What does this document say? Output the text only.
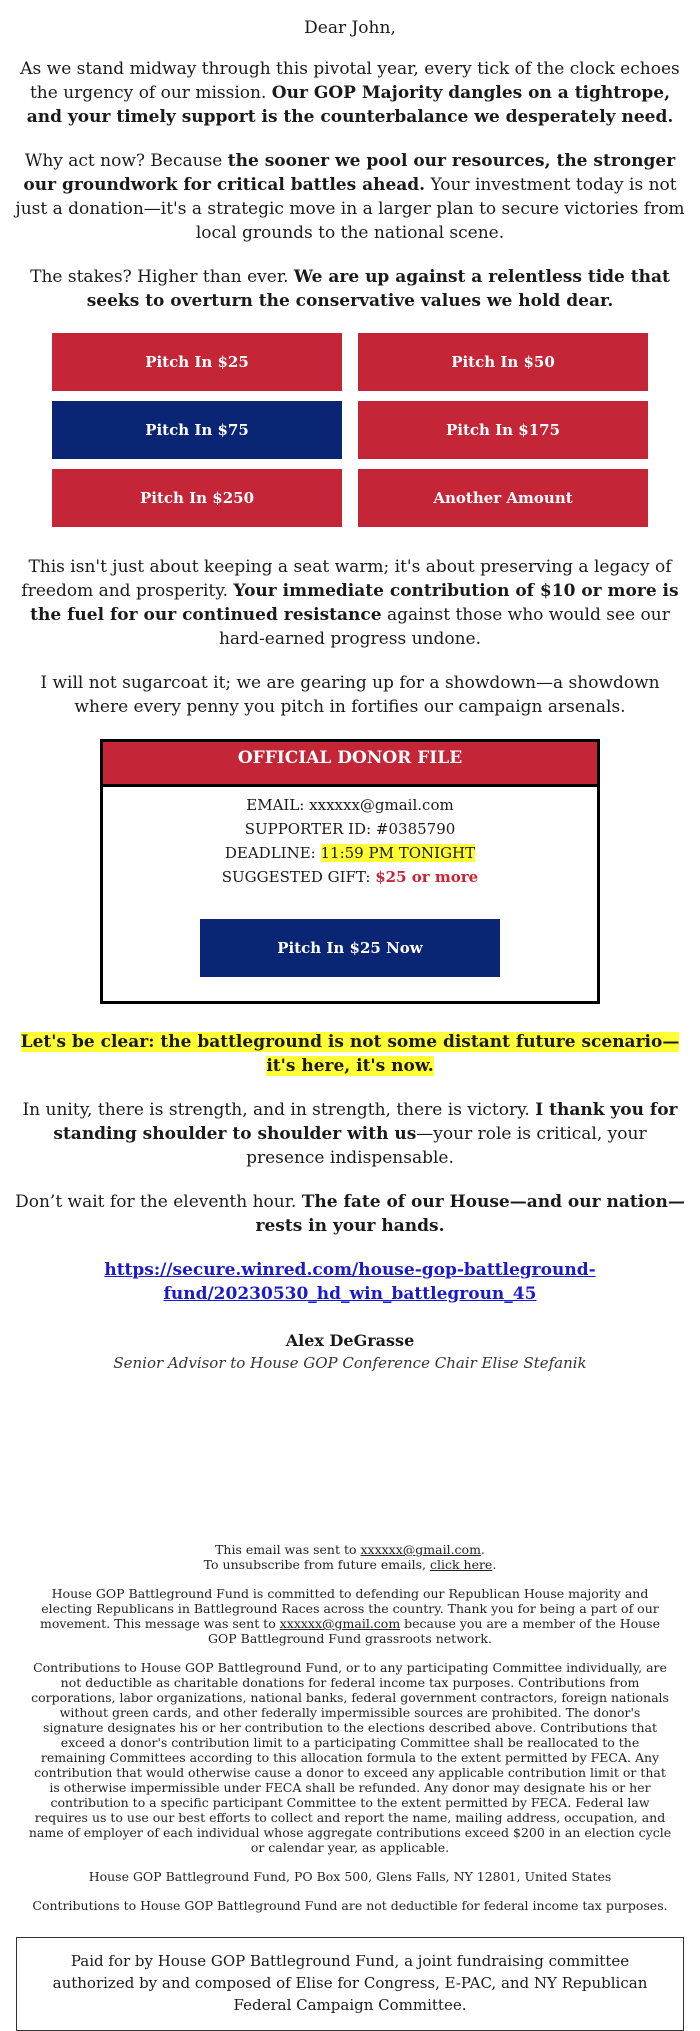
Dear John,

As we stand midway through this pivotal year, every tick of the clock echoes the urgency of our mission. Our GOP Majority dangles on a tightrope, and your timely support is the counterbalance we desperately need.

Why act now? Because the sooner we pool our resources, the stronger our groundwork for critical battles ahead. Your investment today is not just a donation—it's a strategic move in a larger plan to secure victories from local grounds to the national scene.

The stakes? Higher than ever. We are up against a relentless tide that seeks to overturn the conservative values we hold dear.

Pitch In $25	Pitch In $50
Pitch In $75	Pitch In $175
Pitch In $250	Another Amount

This isn't just about keeping a seat warm; it's about preserving a legacy of freedom and prosperity. Your immediate contribution of $10 or more is the fuel for our continued resistance against those who would see our hard-earned progress undone.

I will not sugarcoat it; we are gearing up for a showdown—a showdown where every penny you pitch in fortifies our campaign arsenals.

OFFICIAL DONOR FILE
EMAIL: xxxxxx@gmail.com
SUPPORTER ID: #0385790
DEADLINE: 11:59 PM TONIGHT
SUGGESTED GIFT: $25 or more
Pitch In $25 Now

Let's be clear: the battleground is not some distant future scenario—it's here, it's now.

In unity, there is strength, and in strength, there is victory. I thank you for standing shoulder to shoulder with us—your role is critical, your presence indispensable.

Don’t wait for the eleventh hour. The fate of our House—and our nation—rests in your hands.

https://secure.winred.com/house-gop-battleground-fund/20230530_hd_win_battlegroun_45
Alex DeGrasse
Senior Advisor to House GOP Conference Chair Elise Stefanik
This email was sent to xxxxxx@gmail.com.
To unsubscribe from future emails, click here.
House GOP Battleground Fund is committed to defending our Republican House majority and electing Republicans in Battleground Races across the country. Thank you for being a part of our movement. This message was sent to xxxxxx@gmail.com because you are a member of the House GOP Battleground Fund grassroots network.
Contributions to House GOP Battleground Fund, or to any participating Committee individually, are not deductible as charitable donations for federal income tax purposes. Contributions from corporations, labor organizations, national banks, federal government contractors, foreign nationals without green cards, and other federally impermissible sources are prohibited. The donor's signature designates his or her contribution to the elections described above. Contributions that exceed a donor's contribution limit to a participating Committee shall be reallocated to the remaining Committees according to this allocation formula to the extent permitted by FECA. Any contribution that would otherwise cause a donor to exceed any applicable contribution limit or that is otherwise impermissible under FECA shall be refunded. Any donor may designate his or her contribution to a specific participant Committee to the extent permitted by FECA. Federal law requires us to use our best efforts to collect and report the name, mailing address, occupation, and name of employer of each individual whose aggregate contributions exceed $200 in an election cycle or calendar year, as applicable.
House GOP Battleground Fund, PO Box 500, Glens Falls, NY 12801, United States
Contributions to House GOP Battleground Fund are not deductible for federal income tax purposes.
Paid for by House GOP Battleground Fund, a joint fundraising committee authorized by and composed of Elise for Congress, E-PAC, and NY Republican Federal Campaign Committee.
